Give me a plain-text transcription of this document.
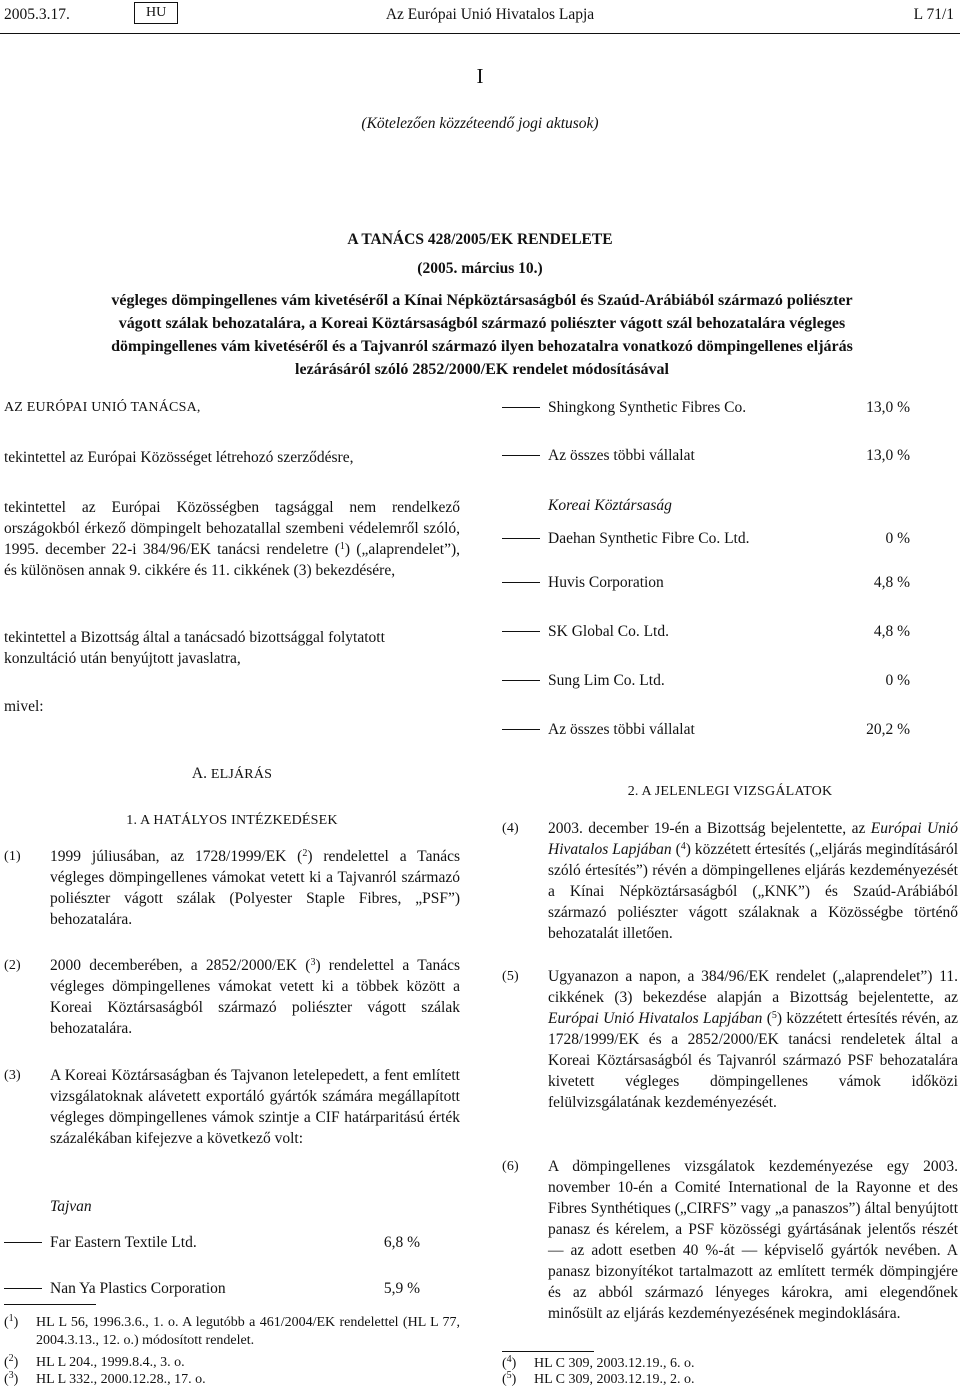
2005.3.17.	HU	Az Európai Unió Hivatalos Lapja	L 71/1
I
(Kötelezően közzéteendő jogi aktusok)
A TANÁCS 428/2005/EK RENDELETE
(2005. március 10.)
végleges dömpingellenes vám kivetéséről a Kínai Népköztársaságból és Szaúd-Arábiából származó poliészter vágott szálak behozatalára, a Koreai Köztársaságból származó poliészter vágott szál behozatalára végleges dömpingellenes vám kivetéséről és a Tajvanról származó ilyen behozatalra vonatkozó dömpingellenes eljárás lezárásáról szóló 2852/2000/EK rendelet módosításával
AZ EURÓPAI UNIÓ TANÁCSA,
tekintettel az Európai Közösséget létrehozó szerződésre,
tekintettel az Európai Közösségben tagsággal nem rendelkező országokból érkező dömpingelt behozatallal szembeni védelemről szóló, 1995. december 22-i 384/96/EK tanácsi rendeletre ($^1$) („alaprendelet”), és különösen annak 9. cikkére és 11. cikkének (3) bekezdésére,
tekintettel a Bizottság által a tanácsadó bizottsággal folytatott konzultáció után benyújtott javaslatra,
mivel:
A. ELJÁRÁS
1. A HATÁLYOS INTÉZKEDÉSEK
(1)	1999 júliusában, az 1728/1999/EK ($^2$) rendelettel a Tanács végleges dömpingellenes vámokat vetett ki a Tajvanról származó poliészter vágott szálak (Polyester Staple Fibres, „PSF”) behozatalára.
(2)	2000 decemberében, a 2852/2000/EK ($^3$) rendelettel a Tanács végleges dömpingellenes vámokat vetett ki a többek között a Koreai Köztársaságból származó poliészter vágott szálak behozatalára.
(3)	A Koreai Köztársaságban és Tajvanon letelepedett, a fent említett vizsgálatoknak alávetett exportáló gyártók számára megállapított végleges dömpingellenes vámok szintje a CIF határparitású érték százalékában kifejezve a következő volt:
Tajvan
Far Eastern Textile Ltd.	6,8 %
Nan Ya Plastics Corporation	5,9 %
($^1$) HL L 56, 1996.3.6., 1. o. A legutóbb a 461/2004/EK rendelettel (HL L 77, 2004.3.13., 12. o.) módosított rendelet.
($^2$) HL L 204., 1999.8.4., 3. o.
($^3$) HL L 332., 2000.12.28., 17. o.
Shingkong Synthetic Fibres Co.	13,0 %
Az összes többi vállalat	13,0 %
Koreai Köztársaság
Daehan Synthetic Fibre Co. Ltd.	0 %
Huvis Corporation	4,8 %
SK Global Co. Ltd.	4,8 %
Sung Lim Co. Ltd.	0 %
Az összes többi vállalat	20,2 %
2. A JELENLEGI VIZSGÁLATOK
(4)	2003. december 19-én a Bizottság bejelentette, az Európai Unió Hivatalos Lapjában ($^4$) közzétett értesítés („eljárás megindításáról szóló értesítés”) révén a dömpingellenes eljárás kezdeményezését a Kínai Népköztársaságból („KNK”) és Szaúd-Arábiából származó poliészter vágott szálaknak a Közösségbe történő behozatalát illetően.
(5)	Ugyanazon a napon, a 384/96/EK rendelet („alaprendelet”) 11. cikkének (3) bekezdése alapján a Bizottság bejelentette, az Európai Unió Hivatalos Lapjában ($^5$) közzétett értesítés révén, az 1728/1999/EK és a 2852/2000/EK tanácsi rendeletek által a Koreai Köztársaságból és Tajvanról származó PSF behozatalára kivetett végleges dömpingellenes vámok időközi felülvizsgálatának kezdeményezését.
(6)	A dömpingellenes vizsgálatok kezdeményezése egy 2003. november 10-én a Comité International de la Rayonne et des Fibres Synthétiques („CIRFS” vagy „a panaszos”) által benyújtott panasz és kérelem, a PSF közösségi gyártásának jelentős részét — az adott esetben 40 %-át — képviselő gyártók nevében. A panasz bizonyítékot tartalmazott az említett termék dömpingjére és az abból származó lényeges károkra, ami elegendőnek minősült az eljárás kezdeményezésének megindoklására.
($^4$) HL C 309, 2003.12.19., 6. o.
($^5$) HL C 309, 2003.12.19., 2. o.
